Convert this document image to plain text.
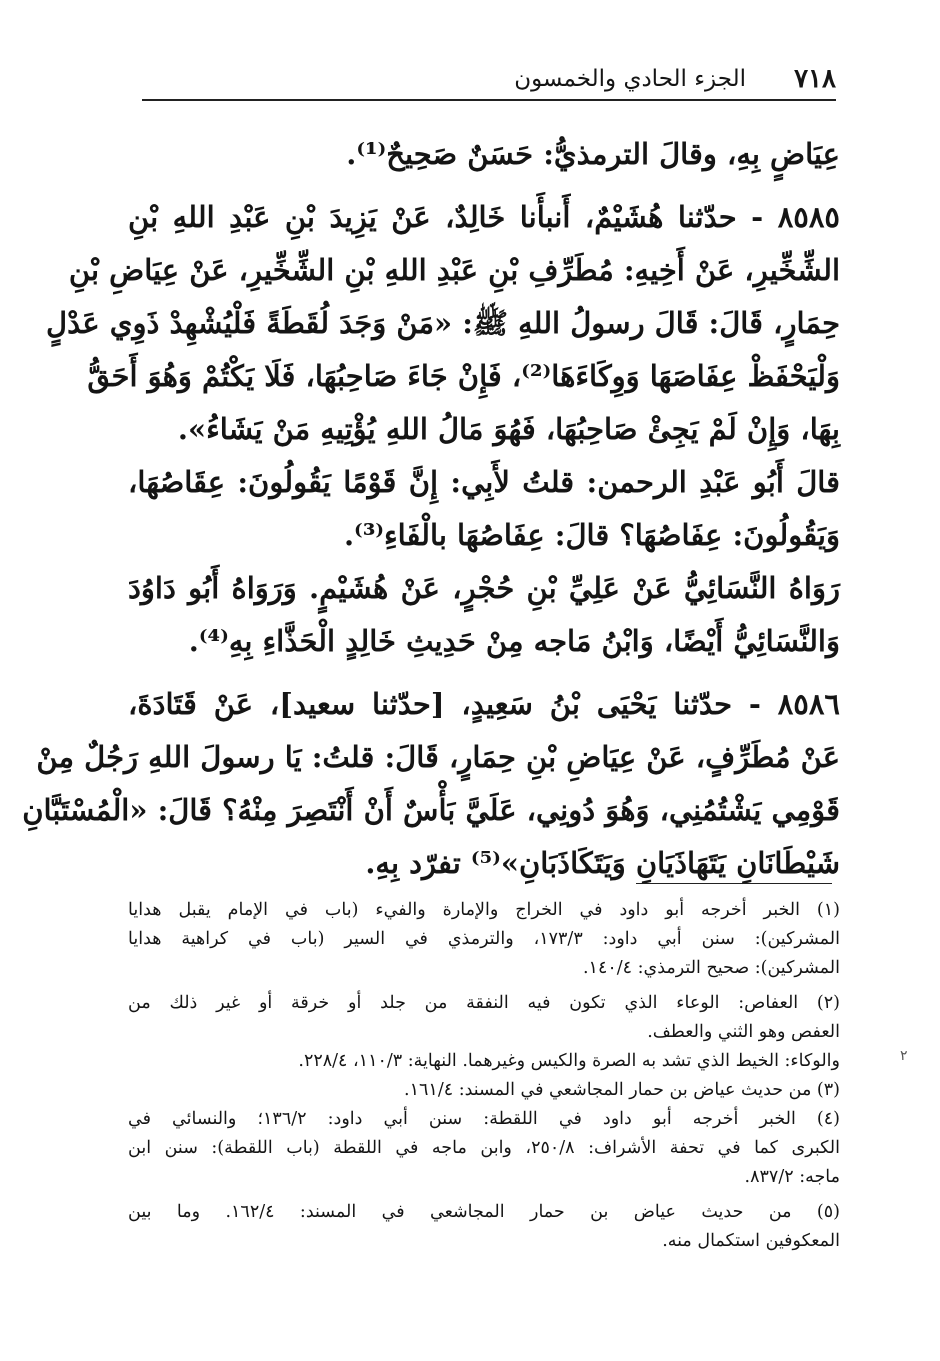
٧١٨
الجزء الحادي والخمسون
عِيَاضٍ بِهِ، وقالَ الترمذيُّ: حَسَنٌ صَحِيحٌ⁽¹⁾.
٨٥٨٥ - حدّثنا هُشَيْمٌ، أَنبأَنا خَالِدٌ، عَنْ يَزِيدَ بْنِ عَبْدِ اللهِ بْنِ
الشِّخِّيرِ، عَنْ أَخِيهِ: مُطَرِّفِ بْنِ عَبْدِ اللهِ بْنِ الشِّخِّيرِ، عَنْ عِيَاضِ بْنِ
حِمَارٍ، قَالَ: قَالَ رسولُ اللهِ ﷺ: «مَنْ وَجَدَ لُقَطَةً فَلْيُشْهِدْ ذَوِي عَدْلٍ
وَلْيَحْفَظْ عِفَاصَهَا وَوِكَاءَهَا⁽²⁾، فَإِنْ جَاءَ صَاحِبُهَا، فَلَا يَكْتُمْ وَهُوَ أَحَقُّ
بِهَا، وَإِنْ لَمْ يَجِئْ صَاحِبُهَا، فَهُوَ مَالُ اللهِ يُؤْتِيهِ مَنْ يَشَاءُ».
قالَ أَبُو عَبْدِ الرحمن: قلتُ لأَبِي: إِنَّ قَوْمًا يَقُولُونَ: عِقَاصُهَا،
وَيَقُولُونَ: عِفَاصُهَا؟ قالَ: عِفَاصُهَا بالْفَاءِ⁽³⁾.
رَوَاهُ النَّسَائِيُّ عَنْ عَلِيِّ بْنِ حُجْرٍ، عَنْ هُشَيْمٍ. وَرَوَاهُ أَبُو دَاوُدَ
وَالنَّسَائِيُّ أَيْضًا، وَابْنُ مَاجه مِنْ حَدِيثِ خَالِدٍ الْحَذَّاءِ بِهِ⁽⁴⁾.
٨٥٨٦ - حدّثنا يَحْيَى بْنُ سَعِيدٍ، [حدّثنا سعيد]، عَنْ قَتَادَةَ،
عَنْ مُطَرِّفٍ، عَنْ عِيَاضِ بْنِ حِمَارٍ، قَالَ: قلتُ: يَا رسولَ اللهِ رَجُلٌ مِنْ
قَوْمِي يَشْتُمُنِي، وَهُوَ دُونِي، عَلَيَّ بَأْسٌ أَنْ أَنْتَصِرَ مِنْهُ؟ قَالَ: «الْمُسْتَبَّانِ
شَيْطَانَانِ يَتَهَاذَيَانِ وَيَتَكَاذَبَانِ»⁽⁵⁾ تفرّد بِهِ.
(١) الخبر أخرجه أبو داود في الخراج والإمارة والفيء (باب في الإمام يقبل هدايا
المشركين): سنن أبي داود: ١٧٣/٣، والترمذي في السير (باب في كراهية هدايا
المشركين): صحيح الترمذي: ١٤٠/٤.
(٢) العفاص: الوعاء الذي تكون فيه النفقة من جلد أو خرقة أو غير ذلك من
العفص وهو الثني والعطف.
والوكاء: الخيط الذي تشد به الصرة والكيس وغيرهما. النهاية: ١١٠/٣، ٢٢٨/٤.
(٣) من حديث عياض بن حمار المجاشعي في المسند: ١٦١/٤.
(٤) الخبر أخرجه أبو داود في اللقطة: سنن أبي داود: ١٣٦/٢؛ والنسائي في
الكبرى كما في تحفة الأشراف: ٢٥٠/٨، وابن ماجه في اللقطة (باب اللقطة): سنن ابن
ماجه: ٨٣٧/٢.
(٥) من حديث عياض بن حمار المجاشعي في المسند: ١٦٢/٤. وما بين
المعكوفين استكمال منه.
٢
